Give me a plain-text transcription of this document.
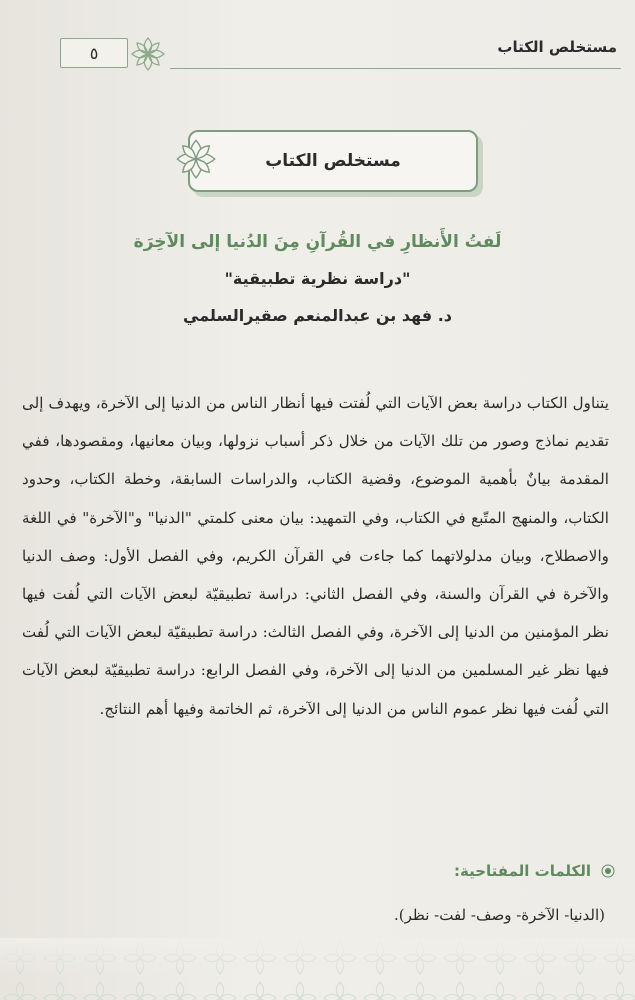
مستخلص الكتاب
٥
مستخلص الكتاب
لَفتُ الأَنظارِ في القُرآنِ مِنَ الدُنيا إلى الآخِرَة
"دراسة نظرية تطبيقية"
د. فهد بن عبدالمنعم صقيرالسلمي
يتناول الكتاب دراسة بعض الآيات التي لُفتت فيها أنظار الناس من الدنيا إلى الآخرة، ويهدف إلى تقديم نماذج وصور من تلك الآيات من خلال ذكر أسباب نزولها، وبيان معانيها، ومقصودها، ففي المقدمة بيانٌ بأهمية الموضوع، وقضية الكتاب، والدراسات السابقة، وخطة الكتاب، وحدود الكتاب، والمنهج المتّبع في الكتاب، وفي التمهيد: بيان معنى كلمتي "الدنيا" و"الآخرة" في اللغة والاصطلاح، وبيان مدلولاتهما كما جاءت في القرآن الكريم، وفي الفصل الأول: وصف الدنيا والآخرة في القرآن والسنة، وفي الفصل الثاني: دراسة تطبيقيّة لبعض الآيات التي لُفت فيها نظر المؤمنين من الدنيا إلى الآخرة، وفي الفصل الثالث: دراسة تطبيقيّة لبعض الآيات التي لُفت فيها نظر غير المسلمين من الدنيا إلى الآخرة، وفي الفصل الرابع: دراسة تطبيقيّة لبعض الآيات التي لُفت فيها نظر عموم الناس من الدنيا إلى الآخرة، ثم الخاتمة وفيها أهم النتائج.
الكلمات المفتاحية:
(الدنيا- الآخرة- وصف- لفت- نظر).
